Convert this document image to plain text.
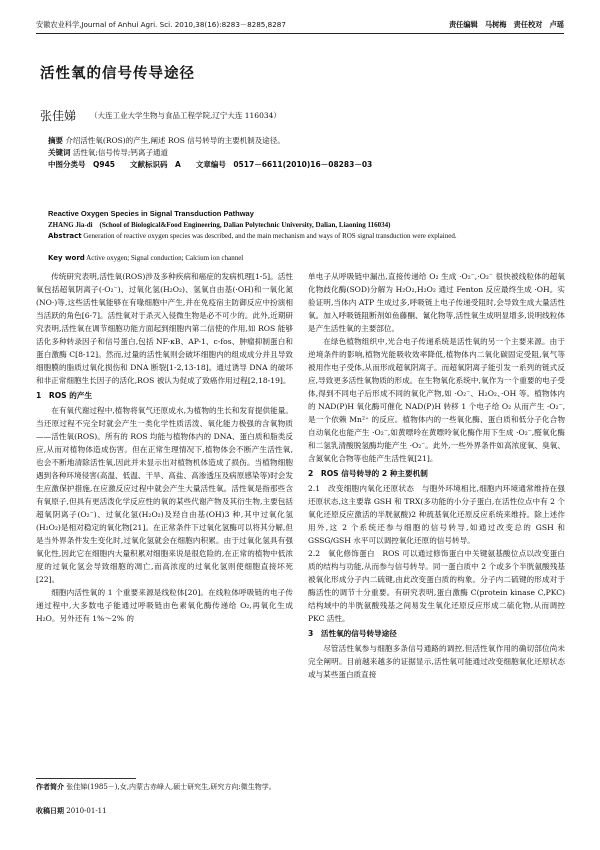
安徽农业科学,Journal of Anhui Agri. Sci. 2010,38(16):8283－8285,8287	责任编辑　马树梅　责任校对　卢瑶
活性氧的信号传导途径
张佳娣 （大连工业大学生物与食品工程学院,辽宁大连 116034）
摘要 介绍活性氧(ROS)的产生,阐述 ROS 信号转导的主要机制及途径。
关键词 活性氧;信号传导;钙离子通道
中图分类号　Q945　　文献标识码　A　　文章编号　0517－6611(2010)16－08283－03
Reactive Oxygen Species in Signal Transduction Pathway
ZHANG Jia-di　(School of Biological&Food Engineering, Dalian Polytechnic University, Dalian, Liaoning 116034)
Abstract Generation of reactive oxygen species was described, and the main mechanism and ways of ROS signal transduction were explained.
Key word Active oxygen; Signal conduction; Calcium ion channel

传统研究表明,活性氧(ROS)涉及多种疾病和癌症的发病机理[1-5]。活性氧包括超氧阴离子(·O₂⁻)、过氧化氢(H₂O₂)、氢氧自由基(·OH)和一氧化氮(NO·)等,这些活性氧能够在有喙细胞中产生,并在免疫宿主防御反应中扮演相当活跃的角色[6-7]。活性氧对于杀灭入侵微生物是必不可少的。此外,近期研究表明,活性氧在调节细胞功能方面起到细胞内第二信使的作用,如 ROS 能够活化多种转录因子和信号蛋白,包括 NF-κB、AP-1、c-fos、肿瘤抑制蛋白和蛋白激酶 C[8-12]。然而,过量的活性氧则会破坏细胞内的组成成分并且导致细胞膜的脂质过氧化损伤和 DNA 断裂[1-2,13-18]。通过诱导 DNA 的破坏和非正常细胞生长因子的活化,ROS 被认为促成了致癌作用过程[2,18-19]。

1　ROS 的产生

在有氧代谢过程中,植物将氧气还原成水,为植物的生长和发育提供能量。当还原过程不完全时就会产生一类化学性质活泼、氧化能力极强的含氧物质——活性氧(ROS)。所有的 ROS 均能与植物体内的 DNA、蛋白质和脂类反应,从而对植物体造成伤害。但在正常生理情况下,植物体会不断产生活性氧,也会不断地清除活性氧,因此并未显示出对植物机体造成了损伤。当植物细胞遇到各种环境侵害(高温、低温、干旱、高盐、高渗透压及病原感染等)时会发生应激保护措施,在应激反应过程中就会产生大量活性氧。活性氧是指那些含有氧原子,但具有更活泼化学反应性的氧的某些代谢产物及其衍生物,主要包括超氧阴离子(O₂⁻)、过氧化氢(H₂O₂)及羟自由基(OH)3 种,其中过氧化氢(H₂O₂)是相对稳定的氧化物[21]。在正常条件下过氧化氢酶可以将其分解,但是当外界条件发生变化时,过氧化氢就会在细胞内积累。由于过氧化氢具有强氧化性,因此它在细胞内大量积累对细胞来说是很危险的,在正常的植物中低浓度的过氧化氢会导致细胞的凋亡,而高浓度的过氧化氢则使细胞直接坏死[22]。

细胞内活性氧的 1 个重要来源是线粒体[20]。在线粒体呼吸链的电子传递过程中,大多数电子能通过呼吸链由色素氧化酶传递给 O₂,再氧化生成 H₂O。另外还有 1%～2% 的

单电子从呼吸链中漏出,直接传递给 O₂ 生成 ·O₂⁻,·O₂⁻ 很快被线粒体的超氧化物歧化酶(SOD)分解为 H₂O₂,H₂O₂ 通过 Fenton 反应最终生成 ·OH。实验证明,当体内 ATP 生成过多,呼吸链上电子传递受阻时,会导致生成大量活性氧。加入呼吸链阻断剂如鱼藤酮、氰化物等,活性氧生成明显增多,说明线粒体是产生活性氧的主要部位。

在绿色植物组织中,光合电子传递系统是活性氧的另一个主要来源。由于逆境条件的影响,植物光能吸收效率降低,植物体内二氧化碳固定受阻,氧气等被用作电子受体,从而形成超氧阴离子。而超氧阴离子能引发一系列的链式反应,导致更多活性氧物质的形成。在生物氧化系统中,氧作为一个重要的电子受体,得到不同电子后形成不同的氧化产物,如 ·O₂⁻、H₂O₂、·OH 等。植物体内的 NAD(P)H 氧化酶可催化 NAD(P)H 转移 1 个电子给 O₂ 从而产生 ·O₂⁻,是一个依赖 Mn²⁺ 的反应。植物体内的一些氧化酶、蛋白质和低分子化合物自动氧化也能产生 ·O₂⁻,如黄嘌呤在黄嘌呤氧化酶作用下生成 ·O₂⁻,醛氧化酶和二氢乳清酸脱氢酶均能产生 ·O₂⁻。此外,一些外界条件如高浓度氧、臭氧、含氮氧化合物等也能产生活性氧[21]。

2　ROS 信号转导的 2 种主要机制

2.1　改变细胞内氧化还原状态　与胞外环境相比,细胞内环境通常维持在强还原状态,这主要靠 GSH 和 TRX(多功能的小分子蛋白,在活性位点中有 2 个氧化还原反应激活的半胱氨酸)2 种巯基氧化还原反应系统来维持。除上述作用外,这 2 个系统还参与细胞的信号转导,如通过改变总的 GSH 和 GSSG/GSH 水平可以调控氧化还原的信号转导。

2.2　氧化修饰蛋白　ROS 可以通过修饰蛋白中关键氨基酸位点以改变蛋白质的结构与功能,从而参与信号转导。同一蛋白质中 2 个或多个半胱氨酸残基被氧化形成分子内二硫键,由此改变蛋白质的构象。分子内二硫键的形成对于酶活性的调节十分重要。有研究表明,蛋白激酶 C(protein kinase C,PKC)结构域中的半胱氨酸残基之间易发生氧化还原反应形成二硫化物,从而调控 PKC 活性。

3　活性氧的信号转导途径

尽管活性氧参与细胞多条信号通路的调控,但活性氧作用的确切部位尚未完全阐明。目前越来越多的证据显示,活性氧可能通过改变细胞氧化还原状态或与某些蛋白质直接

作者简介 张佳娣(1985－),女,内蒙古赤峰人,硕士研究生,研究方向:微生物学。
收稿日期 2010-01-11
